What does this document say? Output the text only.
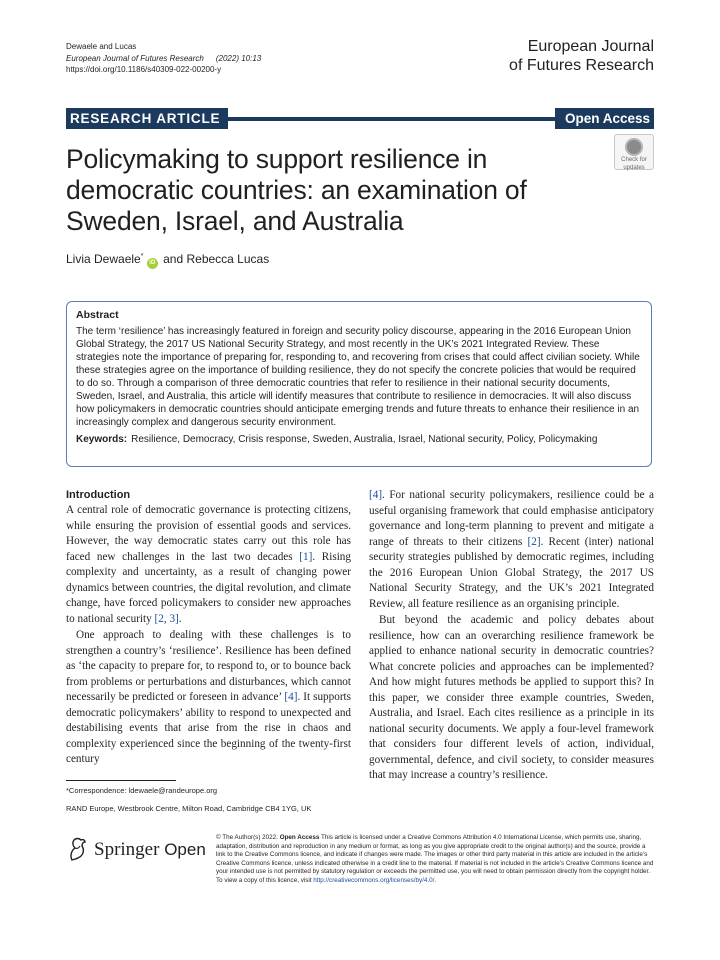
Dewaele and Lucas
European Journal of Futures Research (2022) 10:13
https://doi.org/10.1186/s40309-022-00200-y
European Journal
of Futures Research
RESEARCH ARTICLE	Open Access
Policymaking to support resilience in democratic countries: an examination of Sweden, Israel, and Australia
Check for
updates
Livia Dewaele* iD and Rebecca Lucas
Abstract

The term ‘resilience’ has increasingly featured in foreign and security policy discourse, appearing in the 2016 European Union Global Strategy, the 2017 US National Security Strategy, and most recently in the UK’s 2021 Integrated Review. These strategies note the importance of preparing for, responding to, and recovering from crises that could affect civilian society. While these strategies agree on the importance of building resilience, they do not specify the concrete policies that would be required to do so. Through a comparison of three democratic countries that refer to resilience in their national security documents, Sweden, Israel, and Australia, this article will identify measures that contribute to resilience in democracies. It will also discuss how policymakers in democratic countries should anticipate emerging trends and future threats to enhance their resilience in an increasingly complex and dangerous security environment.

Keywords: Resilience, Democracy, Crisis response, Sweden, Australia, Israel, National security, Policy, Policymaking
Introduction

A central role of democratic governance is protecting citizens, while ensuring the provision of essential goods and services. However, the way democratic states carry out this role has faced new challenges in the last two decades [1]. Rising complexity and uncertainty, as a result of changing power dynamics between countries, the digital revolution, and climate change, have forced policymakers to consider new approaches to national security [2, 3].

One approach to dealing with these challenges is to strengthen a country’s ‘resilience’. Resilience has been defined as ‘the capacity to prepare for, to respond to, or to bounce back from problems or perturbations and disturbances, which cannot necessarily be predicted or foreseen in advance’ [4]. It supports democratic policymakers’ ability to respond to unexpected and destabilising events that arise from the rise in chaos and complexity experienced since the beginning of the twenty-first century

[4]. For national security policymakers, resilience could be a useful organising framework that could emphasise anticipatory governance and long-term planning to prevent and mitigate a range of threats to their citizens [2]. Recent (inter) national security strategies published by democratic regimes, including the 2016 European Union Global Strategy, the 2017 US National Security Strategy, and the UK’s 2021 Integrated Review, all feature resilience as an organising principle.

But beyond the academic and policy debates about resilience, how can an overarching resilience framework be applied to enhance national security in democratic countries? What concrete policies and approaches can be implemented? And how might futures methods be applied to support this? In this paper, we consider three example countries, Sweden, Australia, and Israel. Each cites resilience as a principle in its national security documents. We apply a four-level framework that considers four different levels of action, individual, governmental, defence, and civil society, to consider measures that may increase a country’s resilience.

*Correspondence: ldewaele@randeurope.org
RAND Europe, Westbrook Centre, Milton Road, Cambridge CB4 1YG, UK
Springer Open
© The Author(s) 2022. Open Access This article is licensed under a Creative Commons Attribution 4.0 International License, which permits use, sharing, adaptation, distribution and reproduction in any medium or format, as long as you give appropriate credit to the original author(s) and the source, provide a link to the Creative Commons licence, and indicate if changes were made. The images or other third party material in this article are included in the article’s Creative Commons licence, unless indicated otherwise in a credit line to the material. If material is not included in the article’s Creative Commons licence and your intended use is not permitted by statutory regulation or exceeds the permitted use, you will need to obtain permission directly from the copyright holder. To view a copy of this licence, visit http://creativecommons.org/licenses/by/4.0/.
